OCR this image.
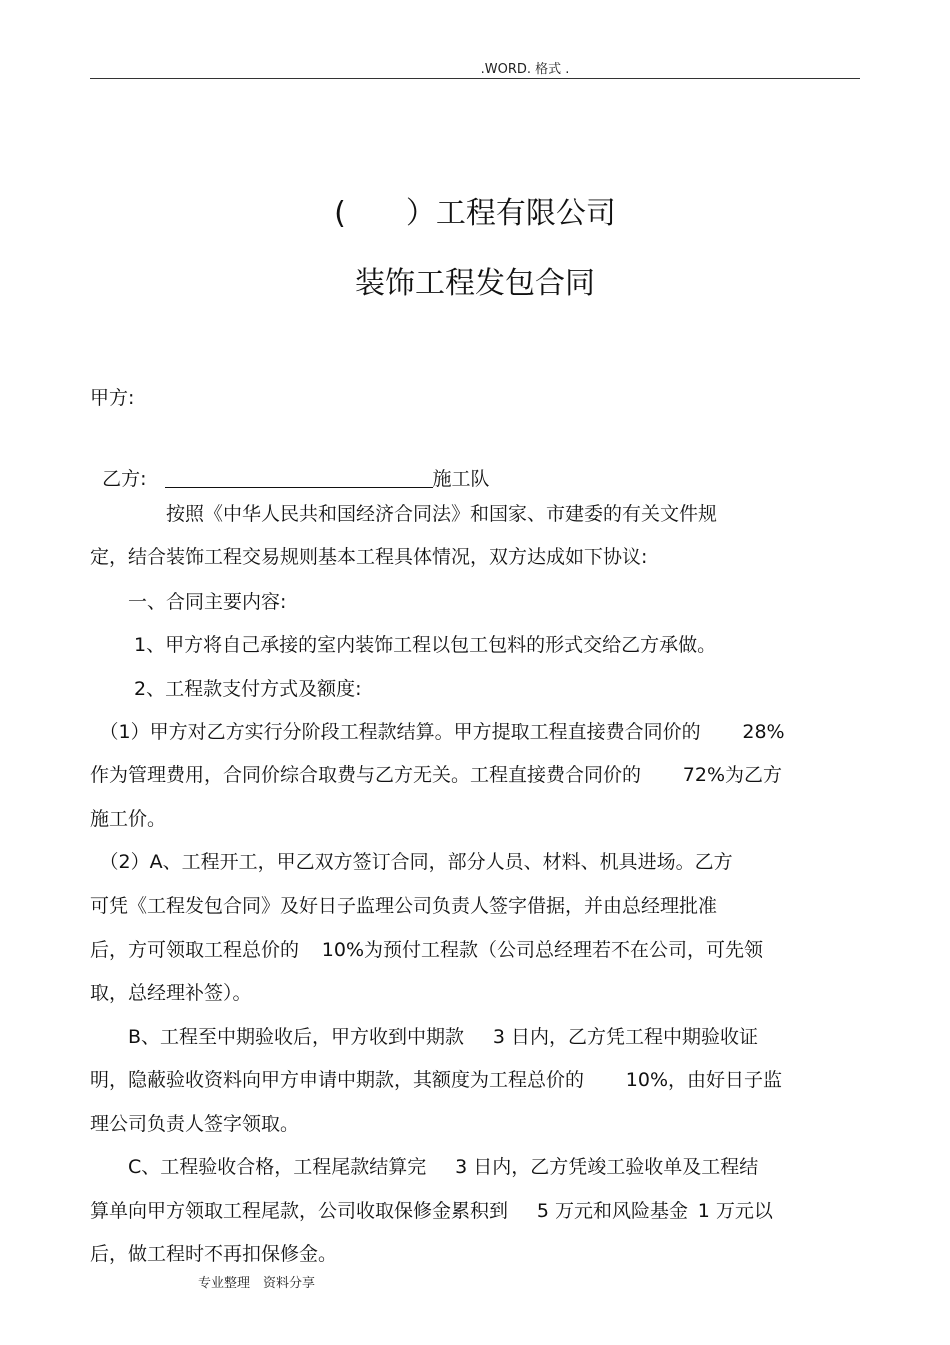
.WORD. 格式 .
(　　）工程有限公司
装饰工程发包合同
甲方:

乙方:	施工队

　　　　按照《中华人民共和国经济合同法》和国家、市建委的有关文件规
定，结合装饰工程交易规则基本工程具体情况，双方达成如下协议:
　　一、合同主要内容:
　　 1、甲方将自己承接的室内装饰工程以包工包料的形式交给乙方承做。
　　 2、工程款支付方式及额度:
　（1）甲方对乙方实行分阶段工程款结算。甲方提取工程直接费合同价的　　 28%
作为管理费用，合同价综合取费与乙方无关。工程直接费合同价的　　 72%为乙方
施工价。
　（2）A、工程开工，甲乙双方签订合同，部分人员、材料、机具进场。乙方
可凭《工程发包合同》及好日子监理公司负责人签字借据，并由总经理批准
后，方可领取工程总价的　 10%为预付工程款（公司总经理若不在公司，可先领
取，总经理补签）。
　　B、工程至中期验收后，甲方收到中期款　  3 日内，乙方凭工程中期验收证
明，隐蔽验收资料向甲方申请中期款，其额度为工程总价的　　 10%，由好日子监
理公司负责人签字领取。
　　C、工程验收合格，工程尾款结算完　  3 日内，乙方凭竣工验收单及工程结
算单向甲方领取工程尾款，公司收取保修金累积到　  5 万元和风险基金  1 万元以
后，做工程时不再扣保修金。
专业整理　资料分享
